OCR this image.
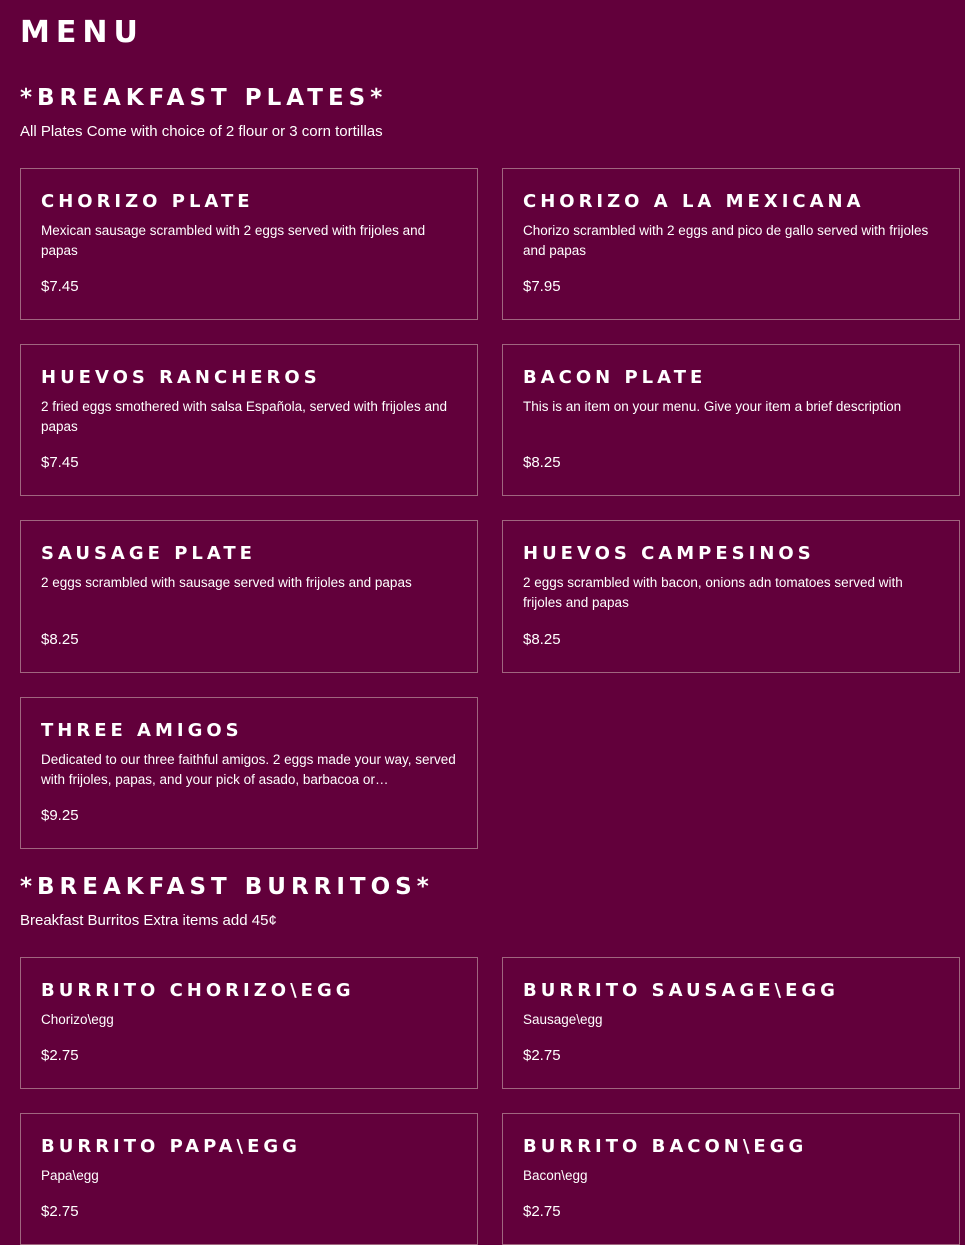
MENU
*BREAKFAST PLATES*

All Plates Come with choice of 2 flour or 3 corn tortillas

CHORIZO PLATE

Mexican sausage scrambled with 2 eggs served with frijoles and papas

$7.45

CHORIZO A LA MEXICANA

Chorizo scrambled with 2 eggs and pico de gallo served with frijoles and papas

$7.95

HUEVOS RANCHEROS

2 fried eggs smothered with salsa Española, served with frijoles and papas

$7.45

BACON PLATE

This is an item on your menu. Give your item a brief description

$8.25

SAUSAGE PLATE

2 eggs scrambled with sausage served with frijoles and papas

$8.25

HUEVOS CAMPESINOS

2 eggs scrambled with bacon, onions adn tomatoes served with frijoles and papas

$8.25

THREE AMIGOS

Dedicated to our three faithful amigos. 2 eggs made your way, served with frijoles, papas, and your pick of asado, barbacoa or…

$9.25

*BREAKFAST BURRITOS*

Breakfast Burritos Extra items add 45¢

BURRITO CHORIZO\EGG

Chorizo\egg

$2.75

BURRITO SAUSAGE\EGG

Sausage\egg

$2.75

BURRITO PAPA\EGG

Papa\egg

$2.75

BURRITO BACON\EGG

Bacon\egg

$2.75
